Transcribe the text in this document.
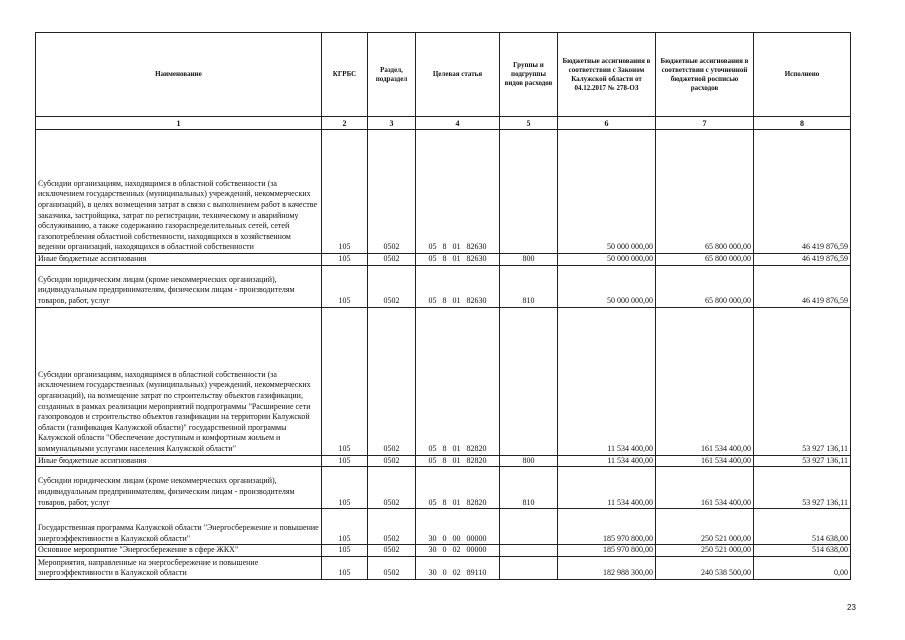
Наименование	КГРБС	Раздел, подраздел	Целевая статья	Группы и подгруппы видов расходов	Бюджетные ассигнования в соответствии с Законом Калужской области от 04.12.2017 № 278-ОЗ	Бюджетные ассигнования в соответствии с уточненной бюджетной росписью расходов	Исполнено
1	2	3	4	5	6	7	8
Субсидии организациям, находящимся в областной собственности (за исключением государственных (муниципальных) учреждений, некоммерческих организаций), в целях возмещения затрат в связи с выполнением работ в качестве заказчика, застройщика, затрат по регистрации, техническому и аварийному обслуживанию, а также содержанию газораспределительных сетей, сетей газопотребления областной собственности, находящихся в хозяйственном ведении организаций, находящихся в областной собственности	105	0502	05 8 01 82630		50 000 000,00	65 800 000,00	46 419 876,59
Иные бюджетные ассигнования	105	0502	05 8 01 82630	800	50 000 000,00	65 800 000,00	46 419 876,59
Субсидии юридическим лицам (кроме некоммерческих организаций), индивидуальным предпринимателям, физическим лицам - производителям товаров, работ, услуг	105	0502	05 8 01 82630	810	50 000 000,00	65 800 000,00	46 419 876,59
Субсидии организациям, находящимся в областной собственности (за исключением государственных (муниципальных) учреждений, некоммерческих организаций), на возмещение затрат по строительству объектов газификации, созданных в рамках реализации мероприятий подпрограммы "Расширение сети газопроводов и строительство объектов газификации на территории Калужской области (газификация Калужской области)" государственной программы Калужской области "Обеспечение доступным и комфортным жильем и коммунальными услугами населения Калужской области"	105	0502	05 8 01 82820		11 534 400,00	161 534 400,00	53 927 136,11
Иные бюджетные ассигнования	105	0502	05 8 01 82820	800	11 534 400,00	161 534 400,00	53 927 136,11
Субсидии юридическим лицам (кроме некоммерческих организаций), индивидуальным предпринимателям, физическим лицам - производителям товаров, работ, услуг	105	0502	05 8 01 82820	810	11 534 400,00	161 534 400,00	53 927 136,11
Государственная программа Калужской области "Энергосбережение и повышение энергоэффективности в Калужской области"	105	0502	30 0 00 00000		185 970 800,00	250 521 000,00	514 638,00
Основное мероприятие "Энергосбережение в сфере ЖКХ"	105	0502	30 0 02 00000		185 970 800,00	250 521 000,00	514 638,00
Мероприятия, направленные на энергосбережение и повышение энергоэффективности в Калужской области	105	0502	30 0 02 89110		182 988 300,00	240 538 500,00	0,00
23
